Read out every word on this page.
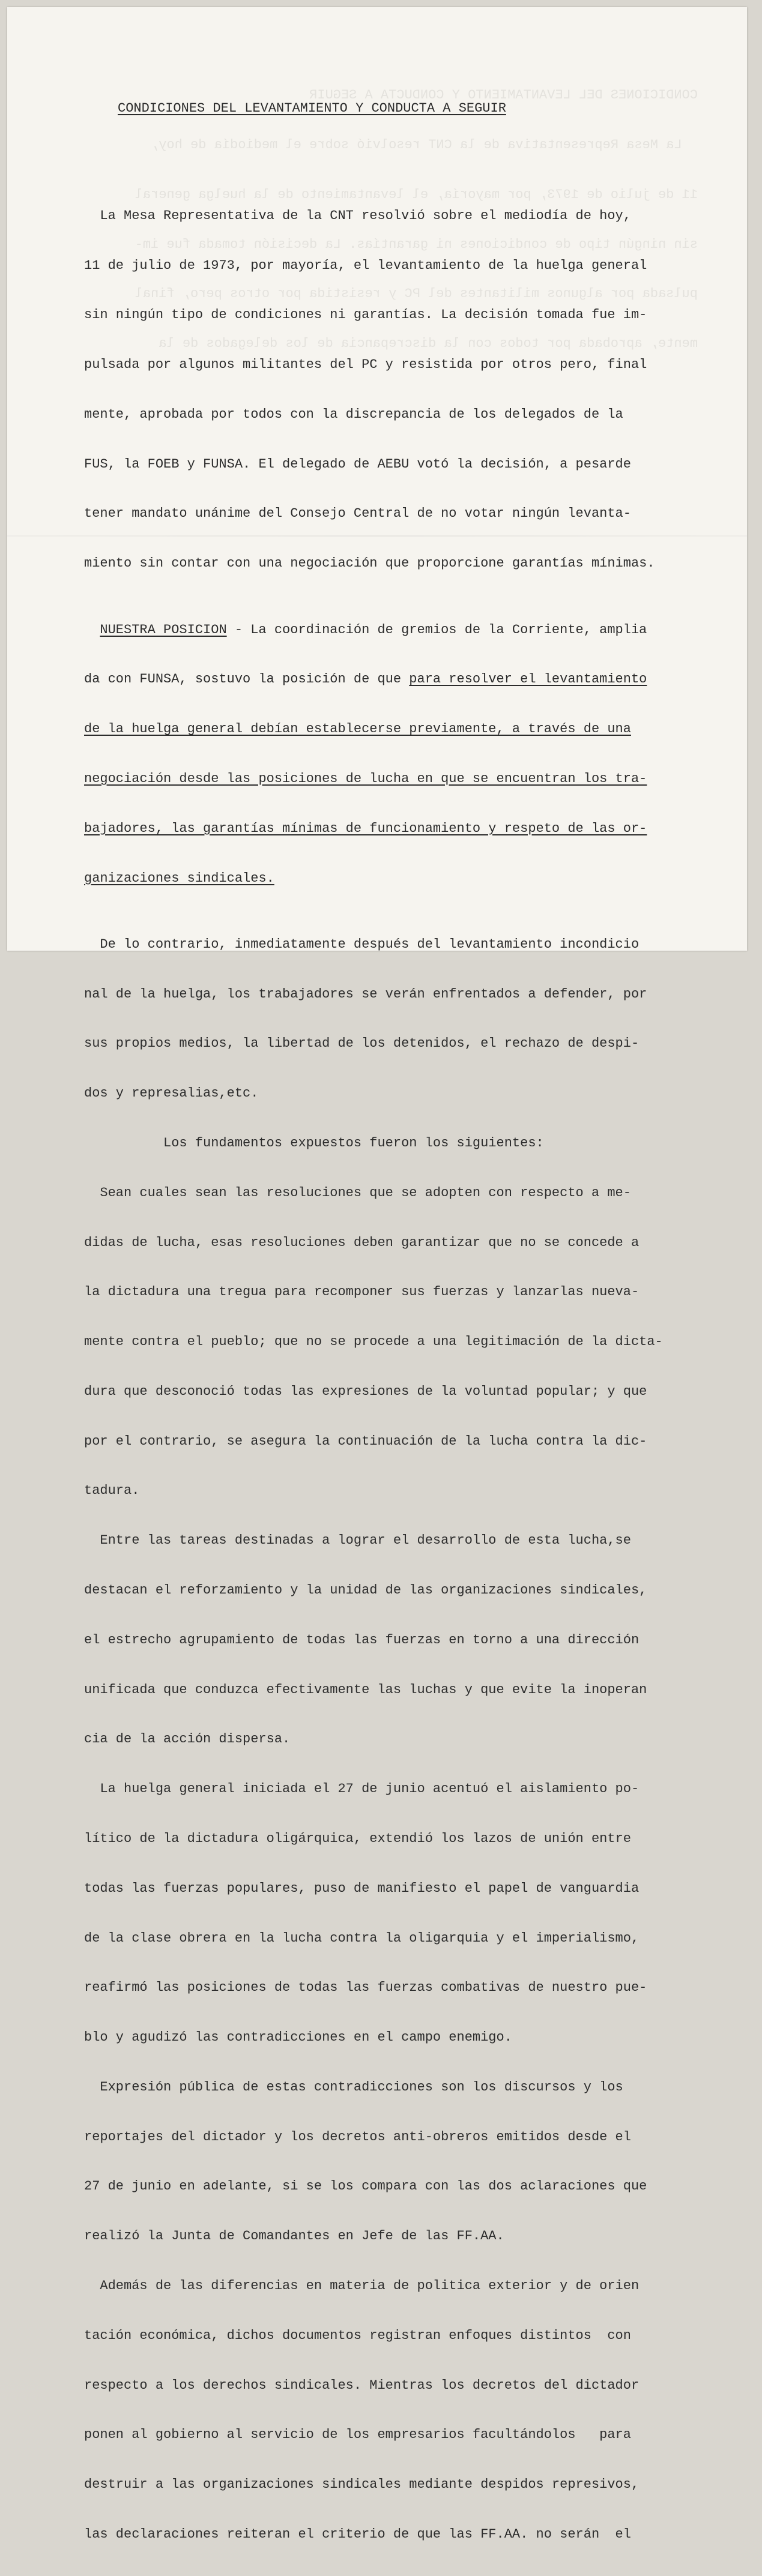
CONDICIONES DEL LEVANTAMIENTO Y CONDUCTA A SEGUIR

La Mesa Representativa de la CNT resolvió sobre el mediodía de hoy,

11 de julio de 1973, por mayoría, el levantamiento de la huelga general

sin ningún tipo de condiciones ni garantías. La decisión tomada fue im-

pulsada por algunos militantes del PC y resistida por otros pero, final

mente, aprobada por todos con la discrepancia de los delegados de la

CONDICIONES DEL LEVANTAMIENTO Y CONDUCTA A SEGUIR

La Mesa Representativa de la CNT resolvió sobre el mediodía de hoy,

11 de julio de 1973, por mayoría, el levantamiento de la huelga general

sin ningún tipo de condiciones ni garantías. La decisión tomada fue im-

pulsada por algunos militantes del PC y resistida por otros pero, final

mente, aprobada por todos con la discrepancia de los delegados de la

FUS, la FOEB y FUNSA. El delegado de AEBU votó la decisión, a pesarde

tener mandato unánime del Consejo Central de no votar ningún levanta-

miento sin contar con una negociación que proporcione garantías mínimas.

NUESTRA POSICION - La coordinación de gremios de la Corriente, amplia

da con FUNSA, sostuvo la posición de que para resolver el levantamiento

de la huelga general debían establecerse previamente, a través de una

negociación desde las posiciones de lucha en que se encuentran los tra-

bajadores, las garantías mínimas de funcionamiento y respeto de las or-

ganizaciones sindicales.

De lo contrario, inmediatamente después del levantamiento incondicio

nal de la huelga, los trabajadores se verán enfrentados a defender, por

sus propios medios, la libertad de los detenidos, el rechazo de despi-

dos y represalias,etc.

Los fundamentos expuestos fueron los siguientes:

Sean cuales sean las resoluciones que se adopten con respecto a me-

didas de lucha, esas resoluciones deben garantizar que no se concede a

la dictadura una tregua para recomponer sus fuerzas y lanzarlas nueva-

mente contra el pueblo; que no se procede a una legitimación de la dicta-

dura que desconoció todas las expresiones de la voluntad popular; y que

por el contrario, se asegura la continuación de la lucha contra la dic-

tadura.

Entre las tareas destinadas a lograr el desarrollo de esta lucha,se

destacan el reforzamiento y la unidad de las organizaciones sindicales,

el estrecho agrupamiento de todas las fuerzas en torno a una dirección

unificada que conduzca efectivamente las luchas y que evite la inoperan

cia de la acción dispersa.

La huelga general iniciada el 27 de junio acentuó el aislamiento po-

lítico de la dictadura oligárquica, extendió los lazos de unión entre

todas las fuerzas populares, puso de manifiesto el papel de vanguardia

de la clase obrera en la lucha contra la oligarquia y el imperialismo,

reafirmó las posiciones de todas las fuerzas combativas de nuestro pue-

blo y agudizó las contradicciones en el campo enemigo.

Expresión pública de estas contradicciones son los discursos y los

reportajes del dictador y los decretos anti-obreros emitidos desde el

27 de junio en adelante, si se los compara con las dos aclaraciones que

realizó la Junta de Comandantes en Jefe de las FF.AA.

Además de las diferencias en materia de politica exterior y de orien

tación económica, dichos documentos registran enfoques distintos  con

respecto a los derechos sindicales. Mientras los decretos del dictador

ponen al gobierno al servicio de los empresarios facultándolos   para

destruir a las organizaciones sindicales mediante despidos represivos,

las declaraciones reiteran el criterio de que las FF.AA. no serán  el
